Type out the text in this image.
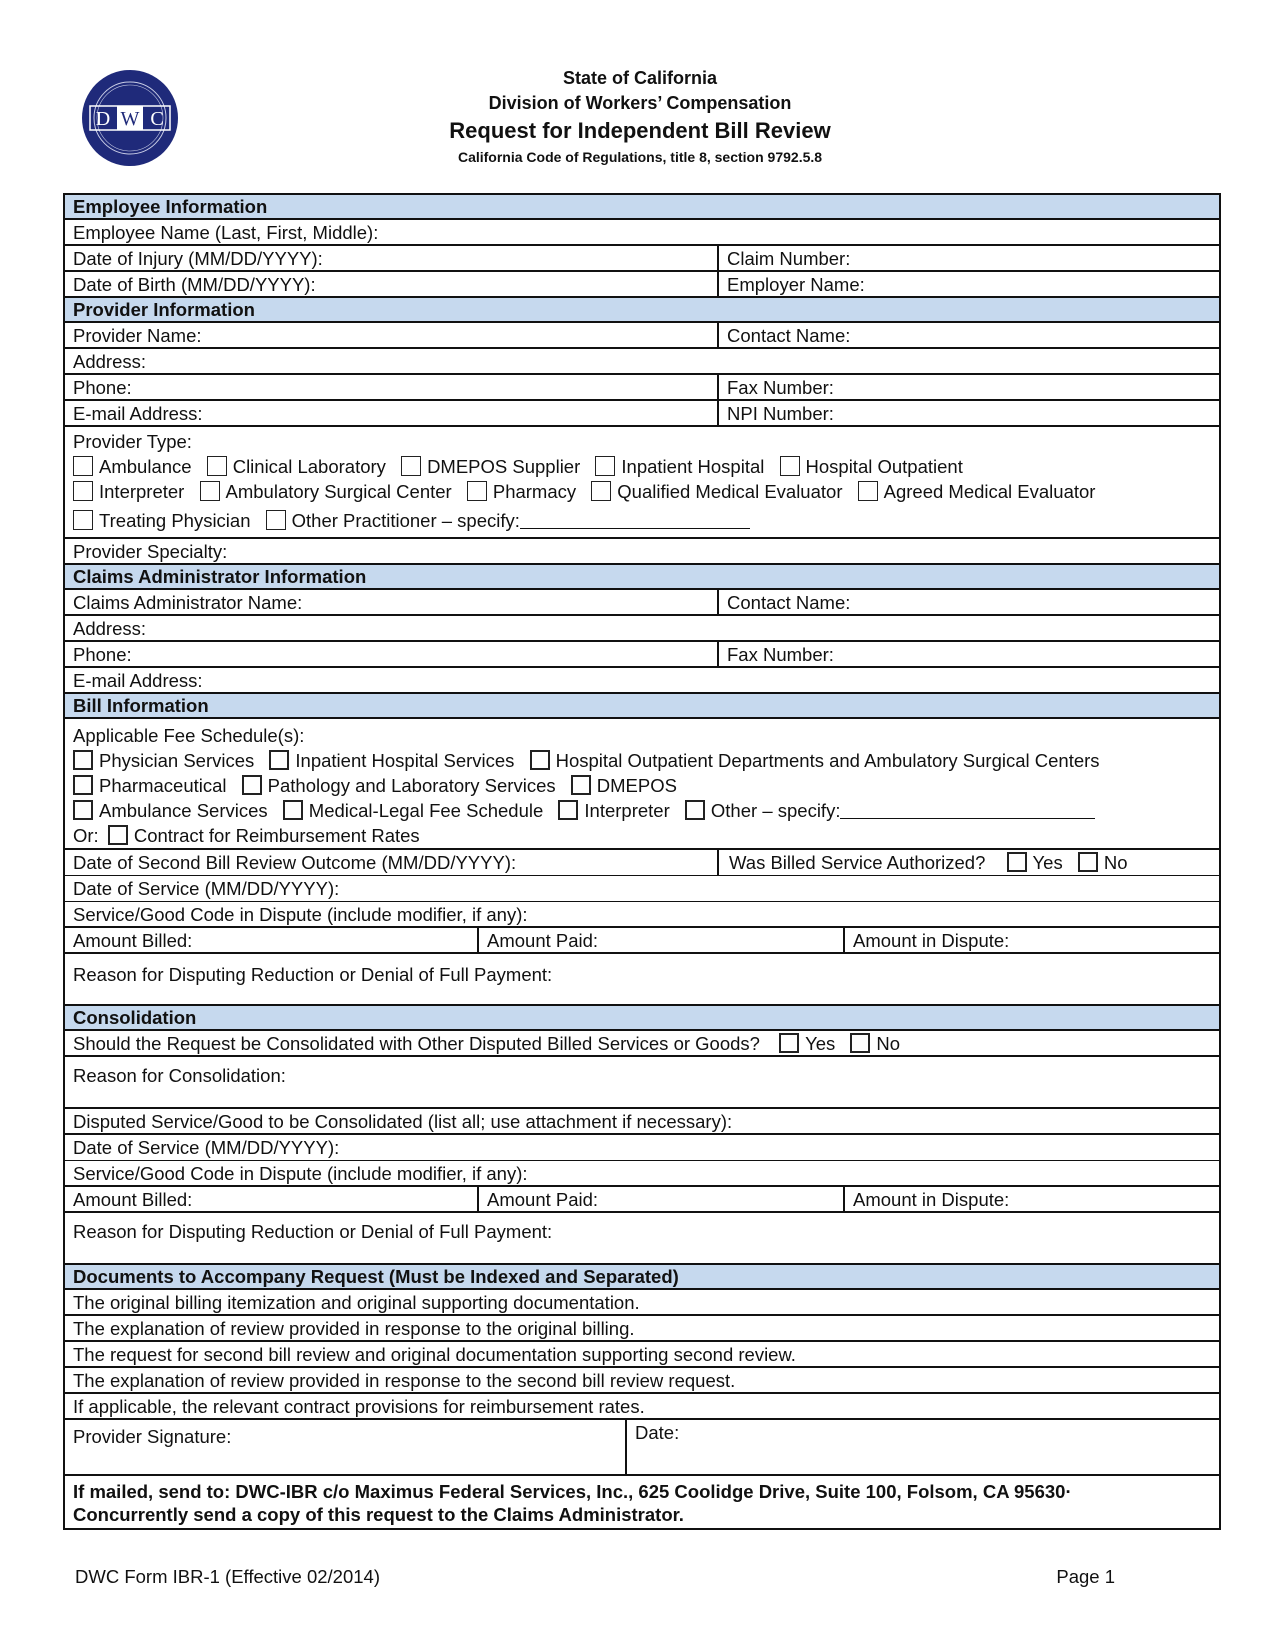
D W C
State of California
Division of Workers’ Compensation
Request for Independent Bill Review
California Code of Regulations, title 8, section 9792.5.8
Employee Information
Employee Name (Last, First, Middle):
Date of Injury (MM/DD/YYYY):	Claim Number:
Date of Birth (MM/DD/YYYY):	Employer Name:
Provider Information
Provider Name:	Contact Name:
Address:
Phone:	Fax Number:
E-mail Address:	NPI Number:
Provider Type:
Ambulance Clinical Laboratory DMEPOS Supplier Inpatient Hospital Hospital Outpatient
Interpreter Ambulatory Surgical Center Pharmacy Qualified Medical Evaluator Agreed Medical Evaluator
Treating Physician Other Practitioner – specify:
Provider Specialty:
Claims Administrator Information
Claims Administrator Name:	Contact Name:
Address:
Phone:	Fax Number:
E-mail Address:
Bill Information
Applicable Fee Schedule(s):
Physician Services Inpatient Hospital Services Hospital Outpatient Departments and Ambulatory Surgical Centers
Pharmaceutical Pathology and Laboratory Services DMEPOS
Ambulance Services Medical-Legal Fee Schedule Interpreter Other – specify:
Or: Contract for Reimbursement Rates
Date of Second Bill Review Outcome (MM/DD/YYYY):	Was Billed Service Authorized?	Yes No
Date of Service (MM/DD/YYYY):
Service/Good Code in Dispute (include modifier, if any):
Amount Billed:	Amount Paid:	Amount in Dispute:
Reason for Disputing Reduction or Denial of Full Payment:
Consolidation
Should the Request be Consolidated with Other Disputed Billed Services or Goods? Yes No
Reason for Consolidation:
Disputed Service/Good to be Consolidated (list all; use attachment if necessary):
Date of Service (MM/DD/YYYY):
Service/Good Code in Dispute (include modifier, if any):
Amount Billed:	Amount Paid:	Amount in Dispute:
Reason for Disputing Reduction or Denial of Full Payment:
Documents to Accompany Request (Must be Indexed and Separated)
The original billing itemization and original supporting documentation.
The explanation of review provided in response to the original billing.
The request for second bill review and original documentation supporting second review.
The explanation of review provided in response to the second bill review request.
If applicable, the relevant contract provisions for reimbursement rates.
Provider Signature:	Date:
If mailed, send to: DWC-IBR c/o Maximus Federal Services, Inc., 625 Coolidge Drive, Suite 100, Folsom, CA 95630·
Concurrently send a copy of this request to the Claims Administrator.
DWC Form IBR-1 (Effective 02/2014)	Page 1
